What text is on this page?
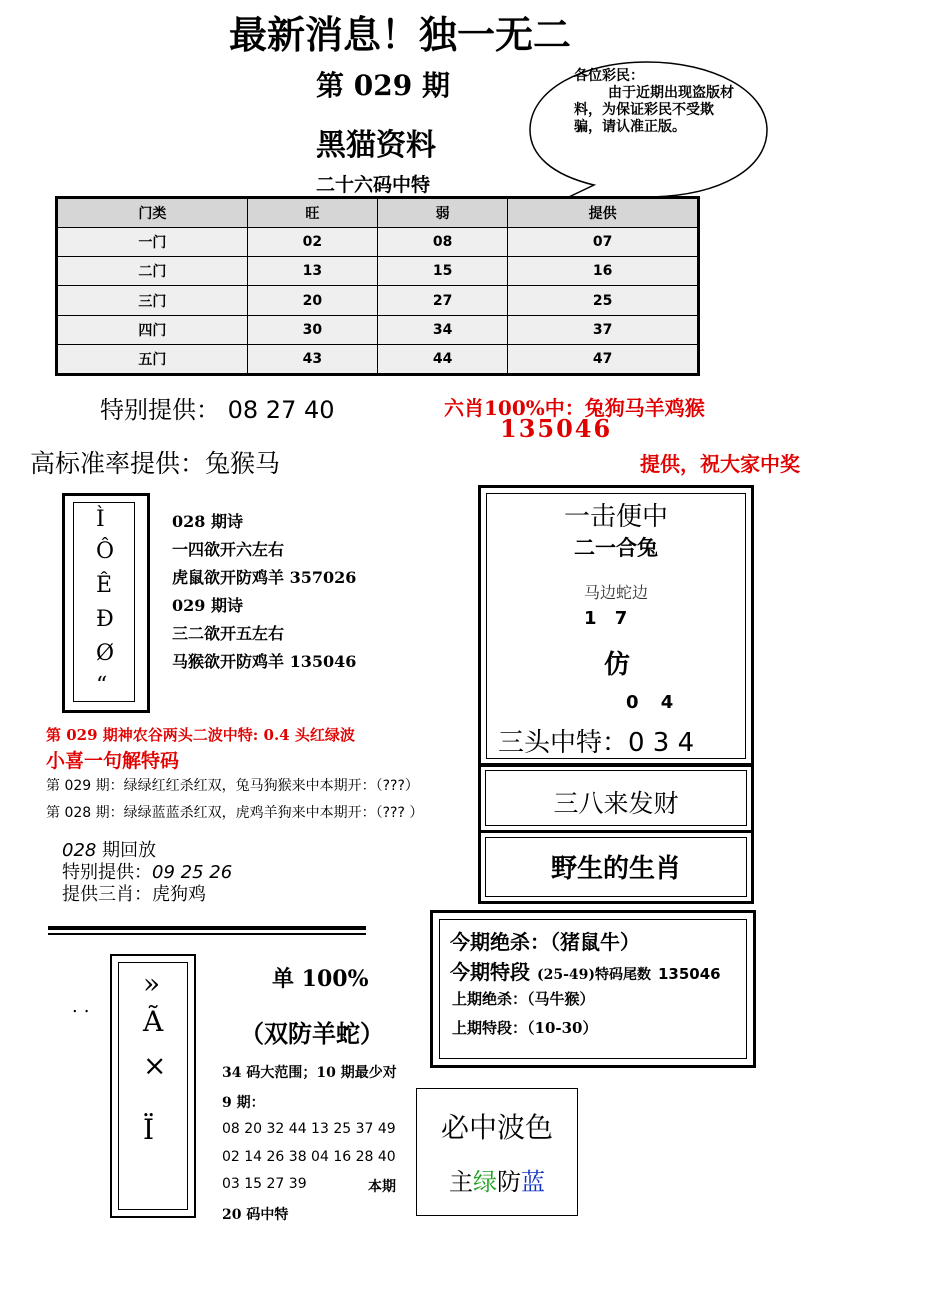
最新消息！独一无二
第 029 期
黑猫资料
二十六码中特
各位彩民：
由于近期出现盗版材料，为保证彩民不受欺骗，请认准正版。
门类	旺	弱	提供
一门	02	08	07
二门	13	15	16
三门	20	27	25
四门	30	34	37
五门	43	44	47
特别提供： 08 27 40	六肖100%中：兔狗马羊鸡猴
135046
高标准率提供：兔猴马	提供，祝大家中奖
Ì
Ô
Ê
Ð
Ø
“
028 期诗
一四欲开六左右
虎鼠欲开防鸡羊 357026
029 期诗
三二欲开五左右
马猴欲开防鸡羊 135046
一击便中
二一合兔
马边蛇边
1 7
仿
0 4
三头中特：0 3 4
三八来发财
野生的生肖
第 029 期神农谷两头二波中特: 0.4 头红绿波
小喜一句解特码
第 029 期：绿绿红红杀红双，兔马狗猴来中本期开：（???）
第 028 期：绿绿蓝蓝杀红双，虎鸡羊狗来中本期开：（??? ）
028 期回放
特别提供：09 25 26
提供三肖：虎狗鸡
..
»
Ã
×
Ï
单 100%
（双防羊蛇）
34 码大范围；10 期最少对
9 期：
08 20 32 44 13 25 37 49
02 14 26 38 04 16 28 40
03 15 27 39	本期
20 码中特
今期绝杀：（猪鼠牛）
今期特段 (25-49)特码尾数 135046
上期绝杀：（马牛猴）
上期特段：（10-30）
必中波色
主绿防蓝
